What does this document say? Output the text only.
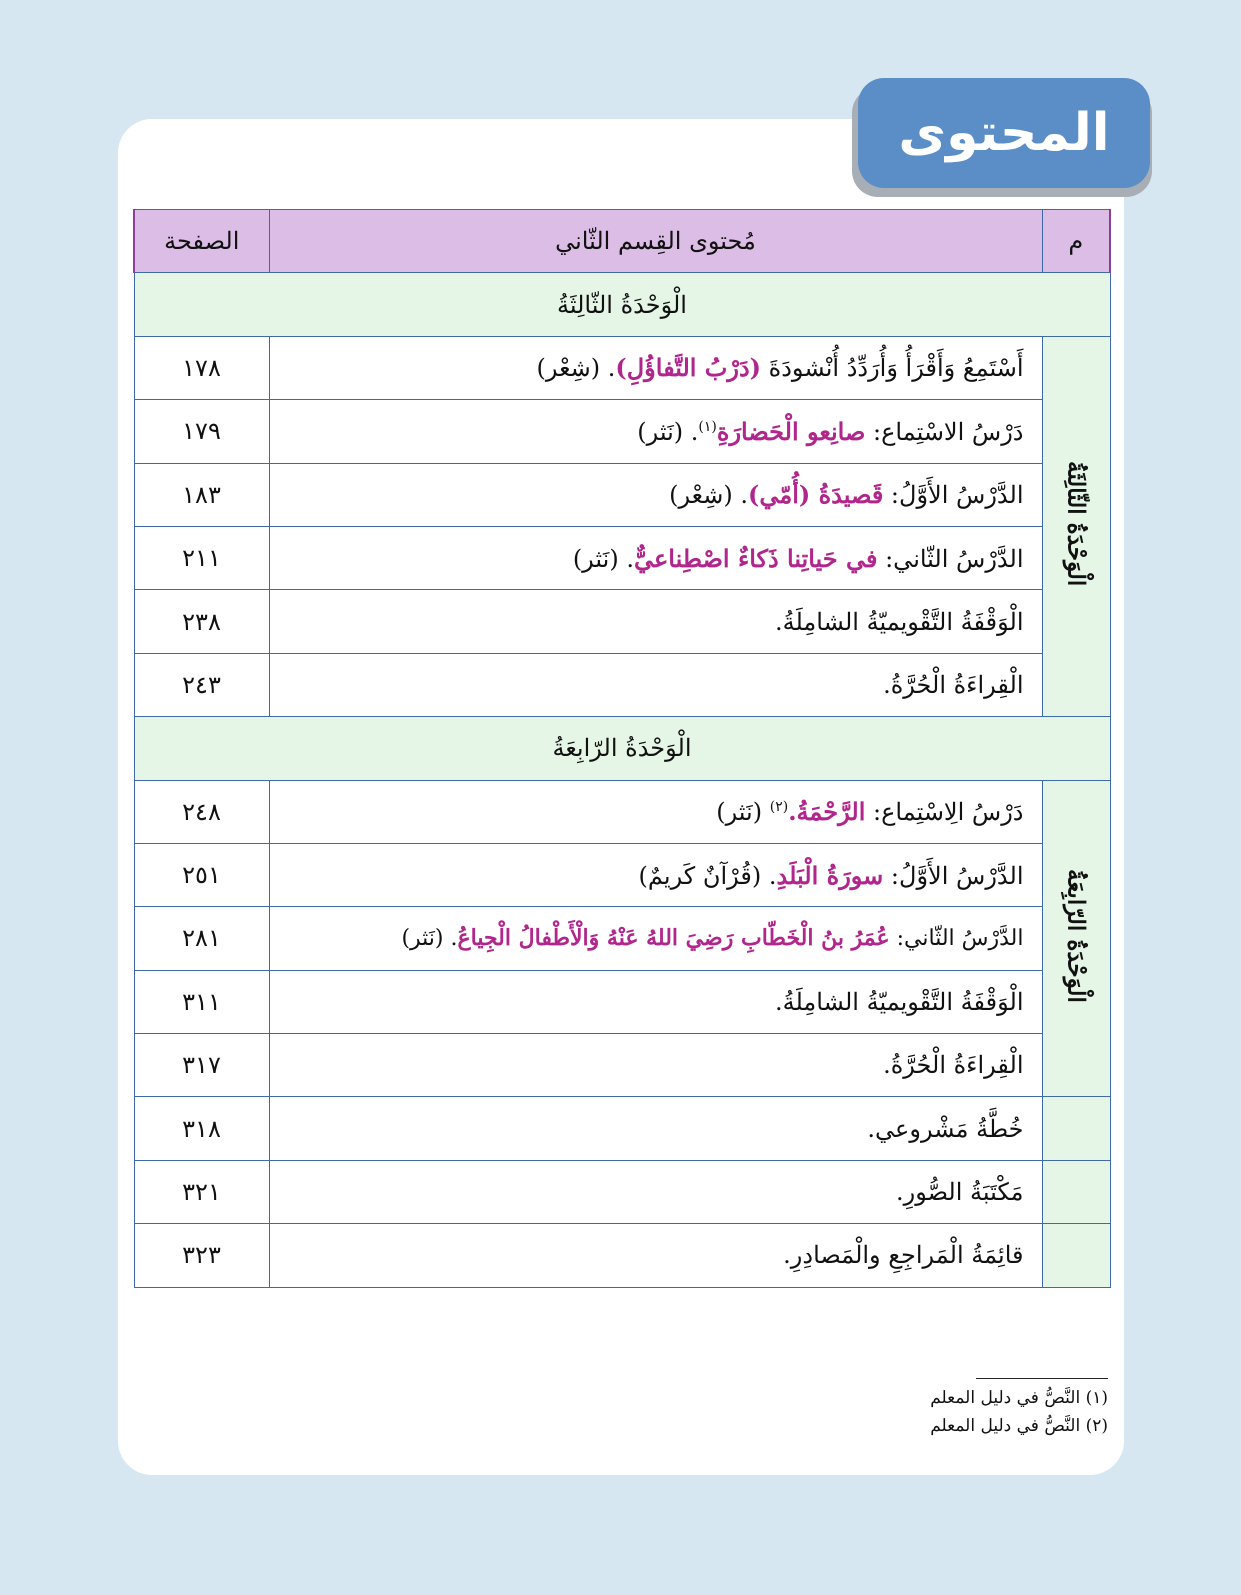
المحتوى
م	مُحتوى القِسم الثّاني	الصفحة
الْوَحْدَةُ الثّالِثَةُ		
الْوَحْدَةُ الثّالِثَةُ	أَسْتَمِعُ وَأَقْرَأُ وَأُرَدِّدُ أُنْشودَةَ (دَرْبُ التَّفاؤُلِ). (شِعْر)	١٧٨
	دَرْسُ الاسْتِماع: صانِعو الْحَضارَةِ$^{(١)}$. (نَثر)	١٧٩
	الدَّرْسُ الأَوَّلُ: قَصيدَةُ (أُمّي). (شِعْر)	١٨٣
	الدَّرْسُ الثّاني: في حَياتِنا ذَكاءٌ اصْطِناعيٌّ. (نَثر)	٢١١
	الْوَقْفَةُ التَّقْويميّةُ الشامِلَةُ.	٢٣٨
	الْقِراءَةُ الْحُرَّةُ.	٢٤٣
الْوَحْدَةُ الرّابِعَةُ		
الْوَحْدَةُ الرّابِعَةُ	دَرْسُ الِاسْتِماع: الرَّحْمَةُ.$^{(٢)}$ (نَثر)	٢٤٨
	الدَّرْسُ الأَوَّلُ: سورَةُ الْبَلَدِ. (قُرْآنٌ كَريمٌ)	٢٥١
	الدَّرْسُ الثّاني: عُمَرُ بنُ الْخَطّابِ رَضِيَ اللهُ عَنْهُ وَالْأَطْفالُ الْجِياعُ. (نَثر)	٢٨١
	الْوَقْفَةُ التَّقْويميّةُ الشامِلَةُ.	٣١١
	الْقِراءَةُ الْحُرَّةُ.	٣١٧
	خُطَّةُ مَشْروعي.	٣١٨
	مَكْتَبَةُ الصُّورِ.	٣٢١
	قائِمَةُ الْمَراجِعِ والْمَصادِرِ.	٣٢٣
(١) النَّصُّ في دليل المعلم
(٢) النَّصُّ في دليل المعلم
